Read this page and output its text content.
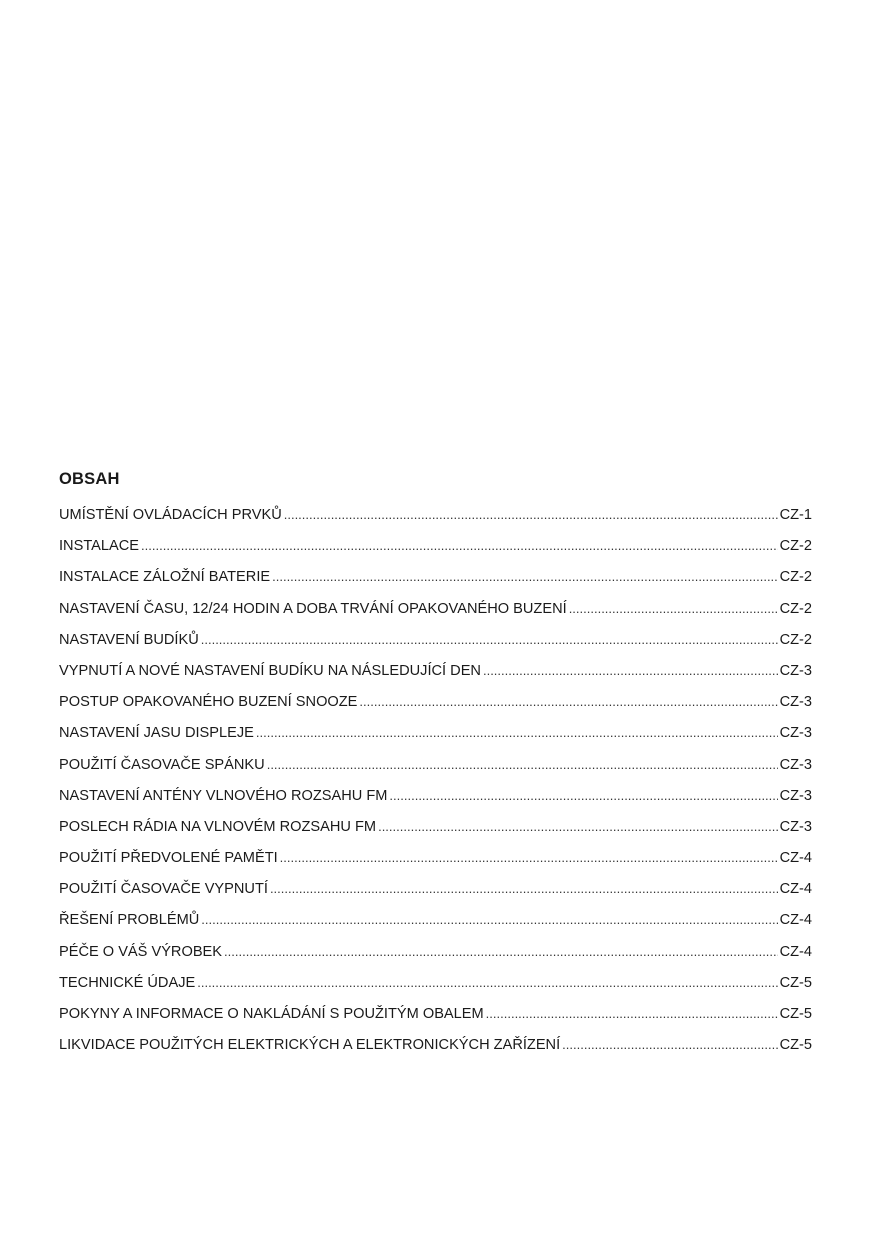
OBSAH
UMÍSTĚNÍ OVLÁDACÍCH PRVKŮ .....	CZ-1
INSTALACE .....	CZ-2
INSTALACE ZÁLOŽNÍ BATERIE .....	CZ-2
NASTAVENÍ ČASU, 12/24 HODIN A DOBA TRVÁNÍ OPAKOVANÉHO BUZENÍ .....	CZ-2
NASTAVENÍ BUDÍKŮ .....	CZ-2
VYPNUTÍ A NOVÉ NASTAVENÍ BUDÍKU NA NÁSLEDUJÍCÍ DEN .....	CZ-3
POSTUP OPAKOVANÉHO BUZENÍ SNOOZE .....	CZ-3
NASTAVENÍ JASU DISPLEJE .....	CZ-3
POUŽITÍ ČASOVAČE SPÁNKU .....	CZ-3
NASTAVENÍ ANTÉNY VLNOVÉHO ROZSAHU FM .....	CZ-3
POSLECH RÁDIA NA VLNOVÉM ROZSAHU FM .....	CZ-3
POUŽITÍ PŘEDVOLENÉ PAMĚTI .....	CZ-4
POUŽITÍ ČASOVAČE VYPNUTÍ .....	CZ-4
ŘEŠENÍ PROBLÉMŮ .....	CZ-4
PÉČE O VÁŠ VÝROBEK .....	CZ-4
TECHNICKÉ ÚDAJE .....	CZ-5
POKYNY A INFORMACE O NAKLÁDÁNÍ S POUŽITÝM OBALEM .....	CZ-5
LIKVIDACE POUŽITÝCH ELEKTRICKÝCH A ELEKTRONICKÝCH ZAŘÍZENÍ .....	CZ-5
